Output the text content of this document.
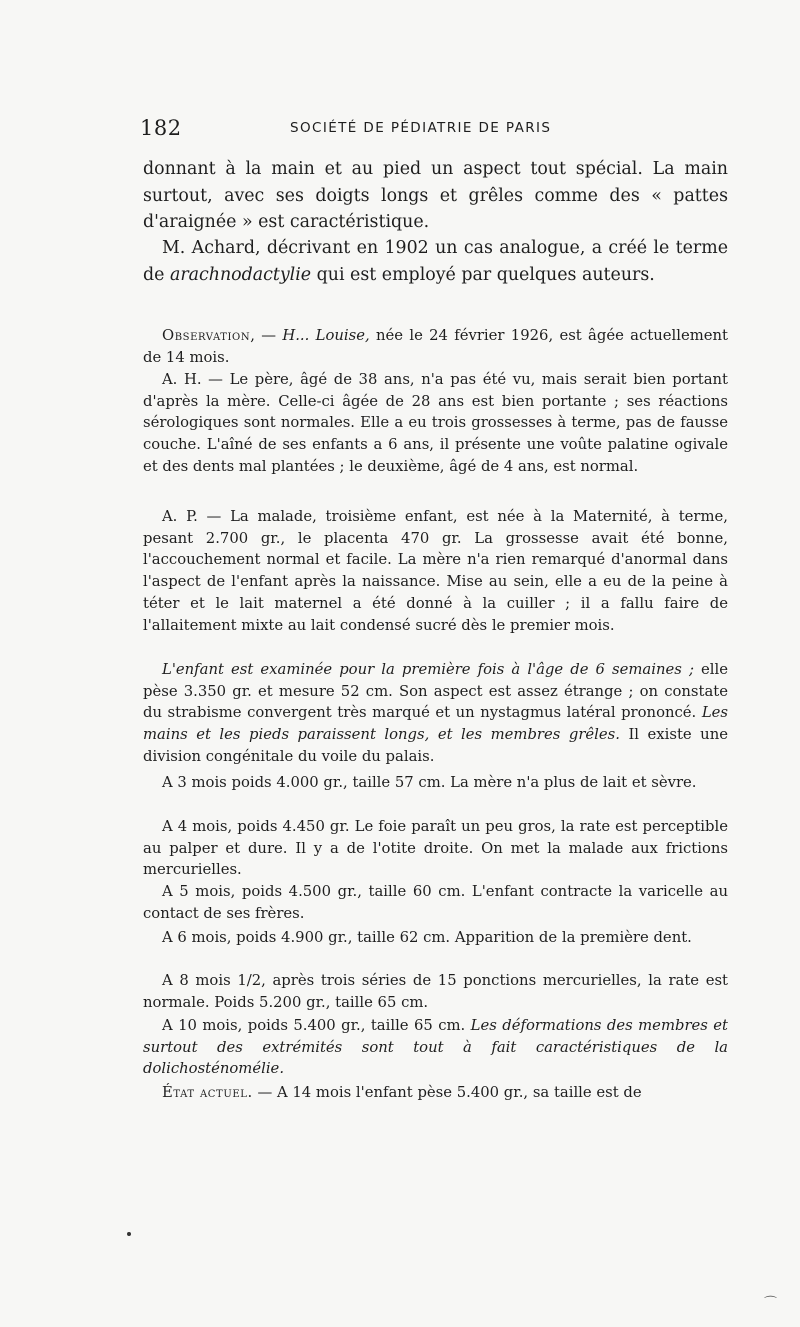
182	SOCIÉTÉ DE PÉDIATRIE DE PARIS

donnant à la main et au pied un aspect tout spécial. La main surtout, avec ses doigts longs et grêles comme des « pattes d'araignée » est caractéristique.

M. Achard, décrivant en 1902 un cas analogue, a créé le terme de arachnodactylie qui est employé par quelques auteurs.

Observation, — H... Louise, née le 24 février 1926, est âgée actuellement de 14 mois.

A. H. — Le père, âgé de 38 ans, n'a pas été vu, mais serait bien portant d'après la mère. Celle-ci âgée de 28 ans est bien portante ; ses réactions sérologiques sont normales. Elle a eu trois grossesses à terme, pas de fausse couche. L'aîné de ses enfants a 6 ans, il présente une voûte palatine ogivale et des dents mal plantées ; le deuxième, âgé de 4 ans, est normal.

A. P. — La malade, troisième enfant, est née à la Maternité, à terme, pesant 2.700 gr., le placenta 470 gr. La grossesse avait été bonne, l'accouchement normal et facile. La mère n'a rien remarqué d'anormal dans l'aspect de l'enfant après la naissance. Mise au sein, elle a eu de la peine à téter et le lait maternel a été donné à la cuiller ; il a fallu faire de l'allaitement mixte au lait condensé sucré dès le premier mois.

L'enfant est examinée pour la première fois à l'âge de 6 semaines ; elle pèse 3.350 gr. et mesure 52 cm. Son aspect est assez étrange ; on constate du strabisme convergent très marqué et un nystagmus latéral prononcé. Les mains et les pieds paraissent longs, et les membres grêles. Il existe une division congénitale du voile du palais.

A 3 mois poids 4.000 gr., taille 57 cm. La mère n'a plus de lait et sèvre.

A 4 mois, poids 4.450 gr. Le foie paraît un peu gros, la rate est perceptible au palper et dure. Il y a de l'otite droite. On met la malade aux frictions mercurielles.

A 5 mois, poids 4.500 gr., taille 60 cm. L'enfant contracte la varicelle au contact de ses frères.

A 6 mois, poids 4.900 gr., taille 62 cm. Apparition de la première dent.

A 8 mois 1/2, après trois séries de 15 ponctions mercurielles, la rate est normale. Poids 5.200 gr., taille 65 cm.

A 10 mois, poids 5.400 gr., taille 65 cm. Les déformations des membres et surtout des extrémités sont tout à fait caractéristiques de la dolichosténomélie.

État actuel. — A 14 mois l'enfant pèse 5.400 gr., sa taille est de

⌒
